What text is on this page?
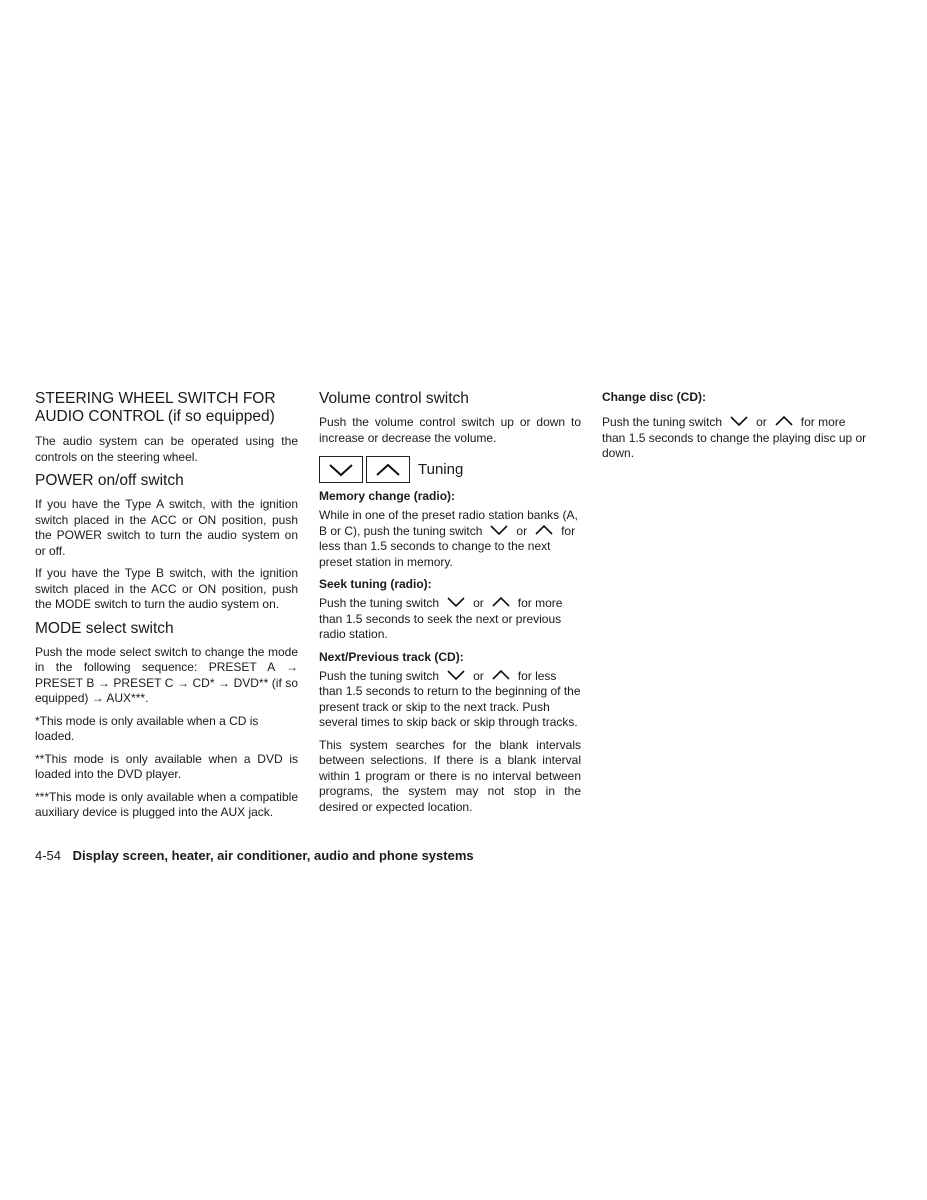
STEERING WHEEL SWITCH FOR AUDIO CONTROL (if so equipped)

The audio system can be operated using the controls on the steering wheel.

POWER on/off switch

If you have the Type A switch, with the ignition switch placed in the ACC or ON position, push the POWER switch to turn the audio system on or off.

If you have the Type B switch, with the ignition switch placed in the ACC or ON position, push the MODE switch to turn the audio system on.

MODE select switch

Push the mode select switch to change the mode in the following sequence: PRESET A → PRESET B → PRESET C → CD* → DVD** (if so equipped) → AUX***.

*This mode is only available when a CD is loaded.

**This mode is only available when a DVD is loaded into the DVD player.

***This mode is only available when a compatible auxiliary device is plugged into the AUX jack.

Volume control switch

Push the volume control switch up or down to increase or decrease the volume.

Tuning
Memory change (radio):

While in one of the preset radio station banks (A, B or C), push the tuning switch	or	for less than 1.5 seconds to change to the next preset station in memory.

Seek tuning (radio):

Push the tuning switch	or	for more than 1.5 seconds to seek the next or previous radio station.

Next/Previous track (CD):

Push the tuning switch	or	for less than 1.5 seconds to return to the beginning of the present track or skip to the next track. Push several times to skip back or skip through tracks.

This system searches for the blank intervals between selections. If there is a blank interval within 1 program or there is no interval between programs, the system may not stop in the desired or expected location.

Change disc (CD):

Push the tuning switch	or	for more than 1.5 seconds to change the playing disc up or down.

4-54 Display screen, heater, air conditioner, audio and phone systems
